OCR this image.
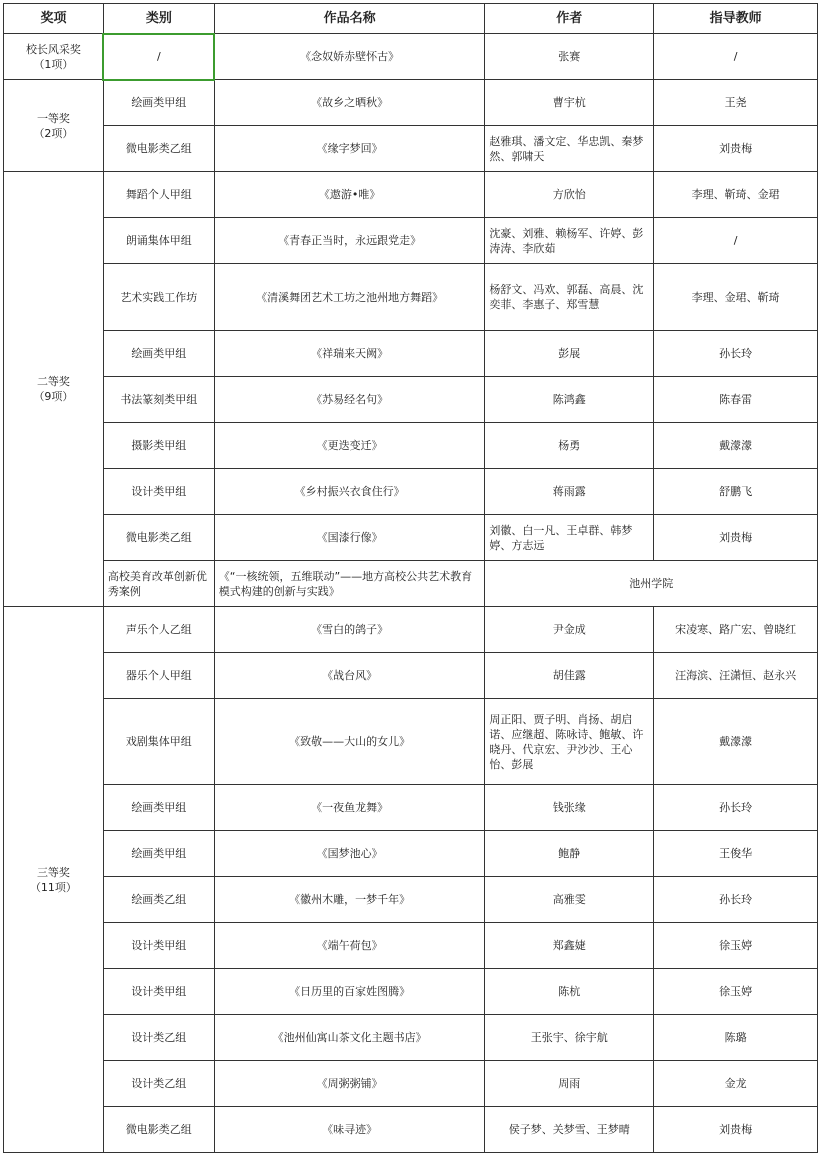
奖项	类别	作品名称	作者	指导教师

校长风采奖
（1项）	/	《念奴娇赤壁怀古》	张赛	/

一等奖
（2项）	绘画类甲组	《故乡之晒秋》	曹宇杭	王尧
	微电影类乙组	《缘字梦回》	赵雅琪、潘文定、华忠凯、秦梦然、郭啸天	刘贵梅

二等奖
（9项）	舞蹈个人甲组	《遨游•唯》	方欣怡	李理、靳琦、金珺
	朗诵集体甲组	《青春正当时，永远跟党走》	沈豪、刘雅、赖杨军、许婷、彭涛涛、李欣茹	/
	艺术实践工作坊	《清溪舞团艺术工坊之池州地方舞蹈》	杨舒文、冯欢、郭磊、高晨、沈奕菲、李惠子、郑雪慧	李理、金珺、靳琦
	绘画类甲组	《祥瑞来天阙》	彭展	孙长玲
	书法篆刻类甲组	《苏易经名句》	陈鸿鑫	陈春雷
	摄影类甲组	《更迭变迁》	杨勇	戴濛濛
	设计类甲组	《乡村振兴衣食住行》	蒋雨露	舒鹏飞
	微电影类乙组	《国漆行像》	刘徽、白一凡、王卓群、韩梦婷、方志远	刘贵梅
	高校美育改革创新优秀案例	《“一核统领，五维联动”——地方高校公共艺术教育模式构建的创新与实践》	池州学院	

三等奖
（11项）	声乐个人乙组	《雪白的鸽子》	尹金成	宋凌寒、路广宏、曾晓红
	器乐个人甲组	《战台风》	胡佳露	汪海滨、汪潇恒、赵永兴
	戏剧集体甲组	《致敬——大山的女儿》	周正阳、贾子明、肖扬、胡启诺、应继超、陈咏诗、鲍敏、许晓丹、代京宏、尹沙沙、王心怡、彭展	戴濛濛
	绘画类甲组	《一夜鱼龙舞》	钱张缘	孙长玲
	绘画类甲组	《国梦池心》	鲍静	王俊华
	绘画类乙组	《徽州木雕，一梦千年》	高雅雯	孙长玲
	设计类甲组	《端午荷包》	郑鑫婕	徐玉婷
	设计类甲组	《日历里的百家姓图腾》	陈杭	徐玉婷
	设计类乙组	《池州仙寓山茶文化主题书店》	王张宇、徐宇航	陈璐
	设计类乙组	《周粥粥铺》	周雨	金龙
	微电影类乙组	《味寻迹》	侯子梦、关梦雪、王梦晴	刘贵梅
